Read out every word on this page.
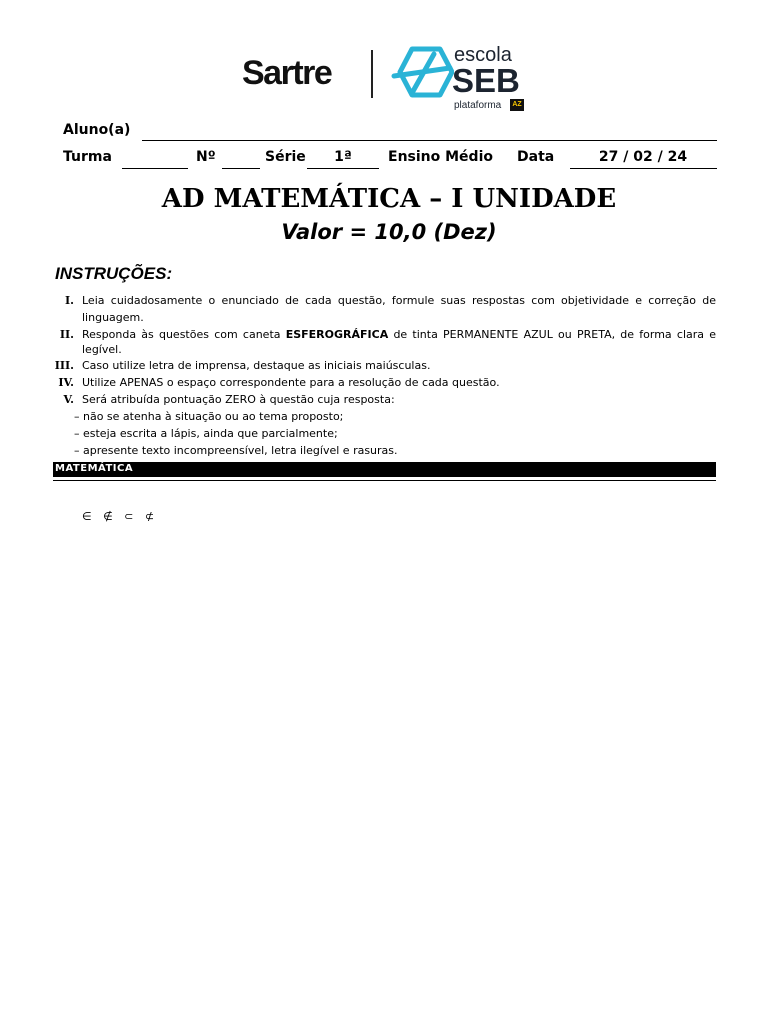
Sartre	escola
SEB
plataforma	AZ
Aluno(a)
Turma	Nº	Série	1ª	Ensino Médio Data	27 / 02 / 24
AD MATEMÁTICA – I UNIDADE
Valor = 10,0 (Dez)
INSTRUÇÕES:
I. Leia cuidadosamente o enunciado de cada questão, formule suas respostas com objetividade e correção de linguagem.
II. Responda às questões com caneta ESFEROGRÁFICA de tinta PERMANENTE AZUL ou PRETA, de forma clara e legível.
III. Caso utilize letra de imprensa, destaque as iniciais maiúsculas.
IV. Utilize APENAS o espaço correspondente para a resolução de cada questão.
V. Será atribuída pontuação ZERO à questão cuja resposta:
– não se atenha à situação ou ao tema proposto;
– esteja escrita a lápis, ainda que parcialmente;
– apresente texto incompreensível, letra ilegível e rasuras.
MATEMÁTICA
∈ ∉ ⊂ ⊄
